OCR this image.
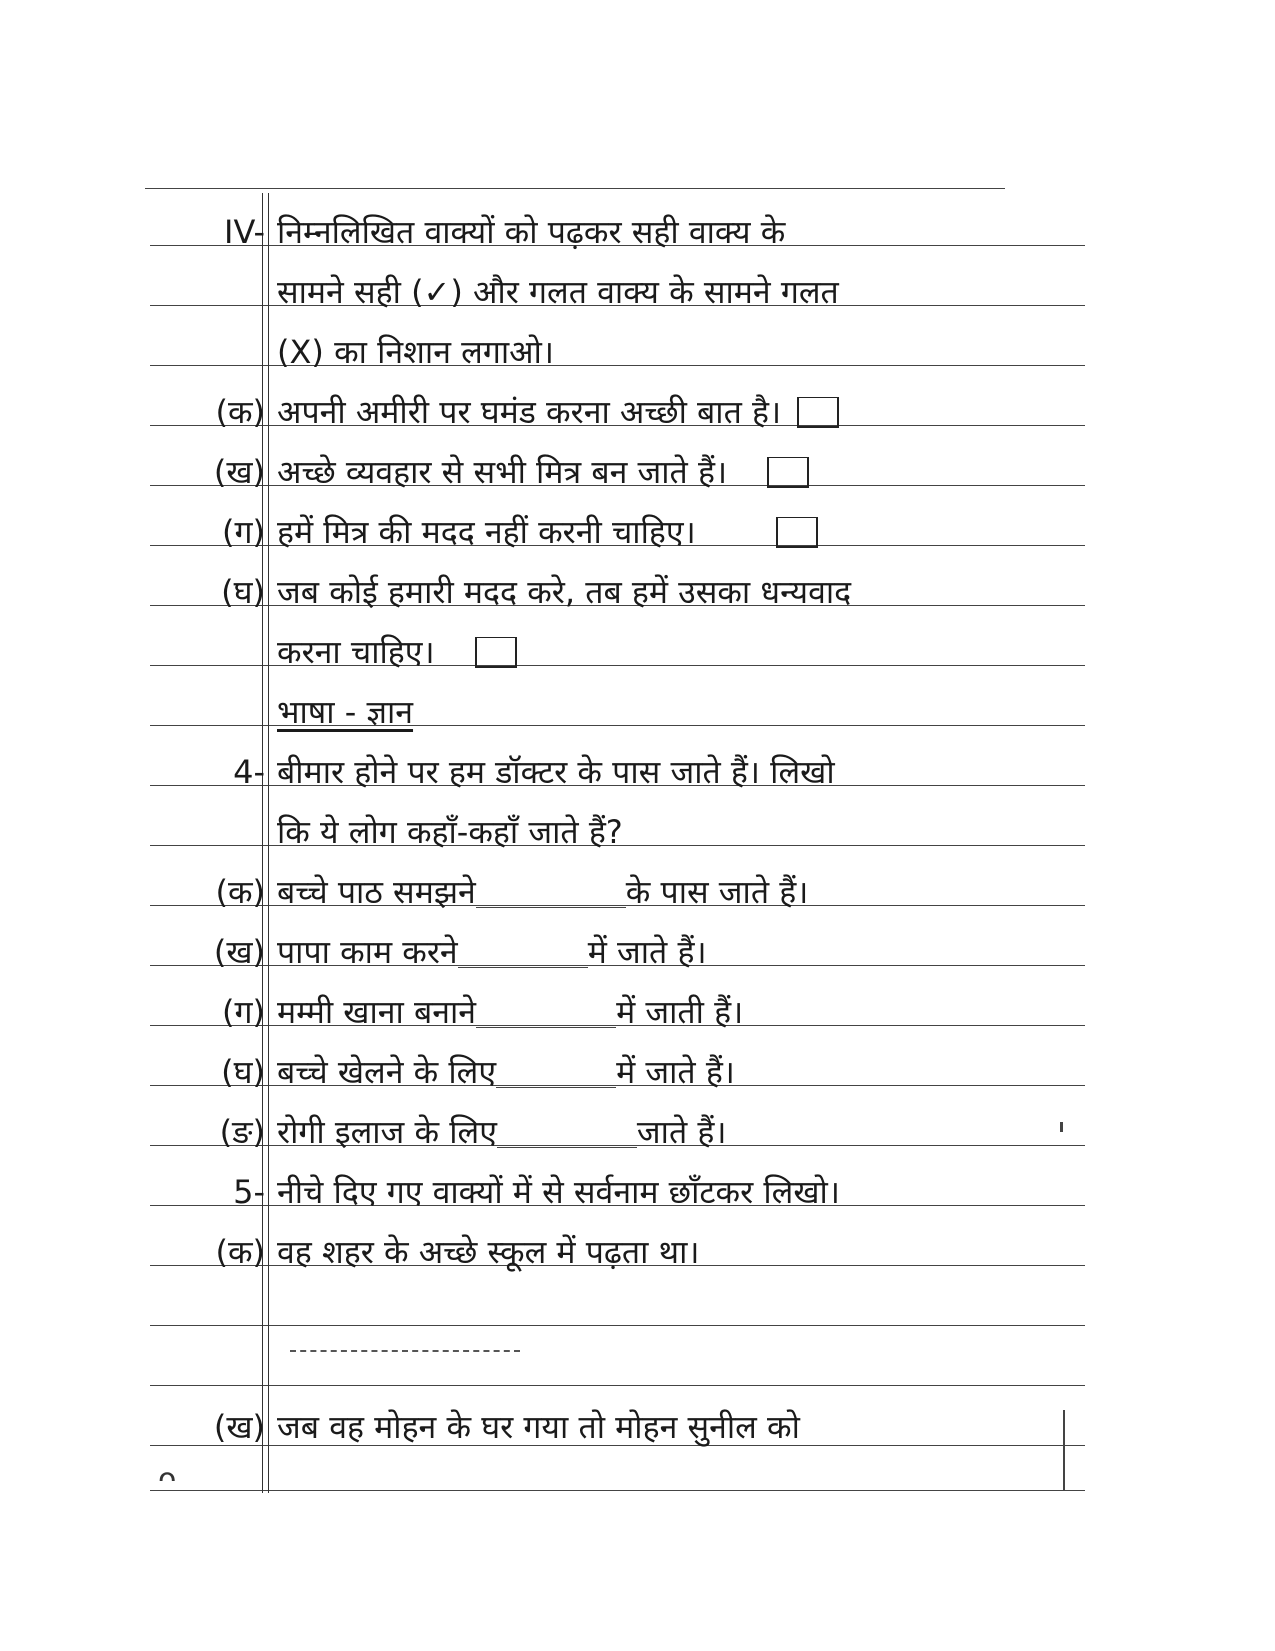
IV- निम्नलिखित वाक्यों को पढ़कर सही वाक्य के
सामने सही (✓) और गलत वाक्य के सामने गलत
(X) का निशान लगाओ।
(क) अपनी अमीरी पर घमंड करना अच्छी बात है।
(ख) अच्छे व्यवहार से सभी मित्र बन जाते हैं।
(ग) हमें मित्र की मदद नहीं करनी चाहिए।
(घ) जब कोई हमारी मदद करे, तब हमें उसका धन्यवाद
करना चाहिए।
भाषा - ज्ञान
4- बीमार होने पर हम डॉक्टर के पास जाते हैं। लिखो
कि ये लोग कहाँ-कहाँ जाते हैं?
(क) बच्चे पाठ समझने	के पास जाते हैं।
(ख) पापा काम करने	में जाते हैं।
(ग) मम्मी खाना बनाने	में जाती हैं।
(घ) बच्चे खेलने के लिए	में जाते हैं।
(ङ) रोगी इलाज के लिए	जाते हैं।
5- नीचे दिए गए वाक्यों में से सर्वनाम छाँटकर लिखो।
(क) वह शहर के अच्छे स्कूल में पढ़ता था।
(ख) जब वह मोहन के घर गया तो मोहन सुनील को
ᴖ
